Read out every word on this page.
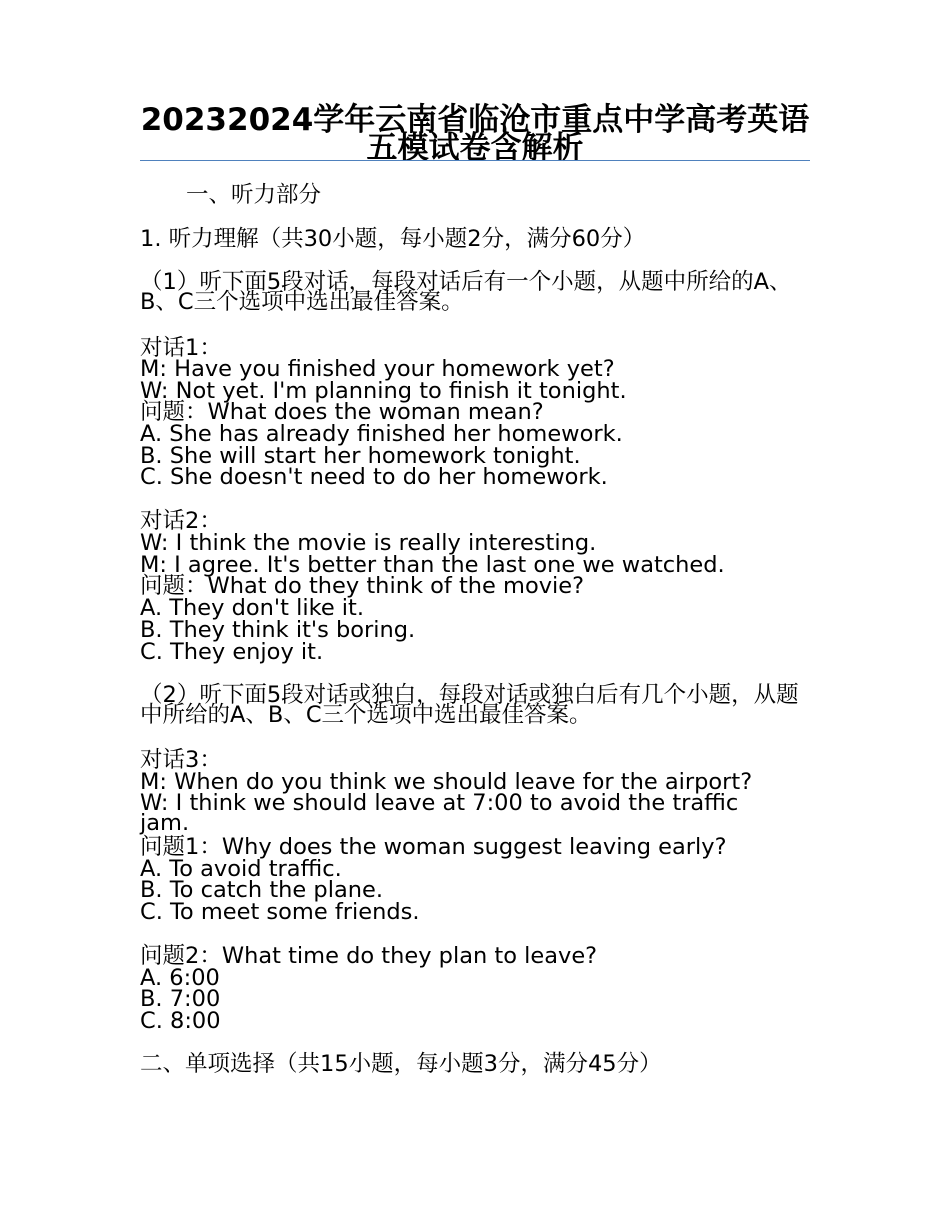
20232024学年云南省临沧市重点中学高考英语五模试卷含解析
一、听力部分
1. 听力理解（共30小题，每小题2分，满分60分）
（1）听下面5段对话，每段对话后有一个小题，从题中所给的A、B、C三个选项中选出最佳答案。
对话1：
M: Have you finished your homework yet?
W: Not yet. I'm planning to finish it tonight.
问题：What does the woman mean?
A. She has already finished her homework.
B. She will start her homework tonight.
C. She doesn't need to do her homework.
对话2：
W: I think the movie is really interesting.
M: I agree. It's better than the last one we watched.
问题：What do they think of the movie?
A. They don't like it.
B. They think it's boring.
C. They enjoy it.
（2）听下面5段对话或独白，每段对话或独白后有几个小题，从题中所给的A、B、C三个选项中选出最佳答案。
对话3：
M: When do you think we should leave for the airport?
W: I think we should leave at 7:00 to avoid the traffic jam.
问题1：Why does the woman suggest leaving early?
A. To avoid traffic.
B. To catch the plane.
C. To meet some friends.
问题2：What time do they plan to leave?
A. 6:00
B. 7:00
C. 8:00
二、单项选择（共15小题，每小题3分，满分45分）
